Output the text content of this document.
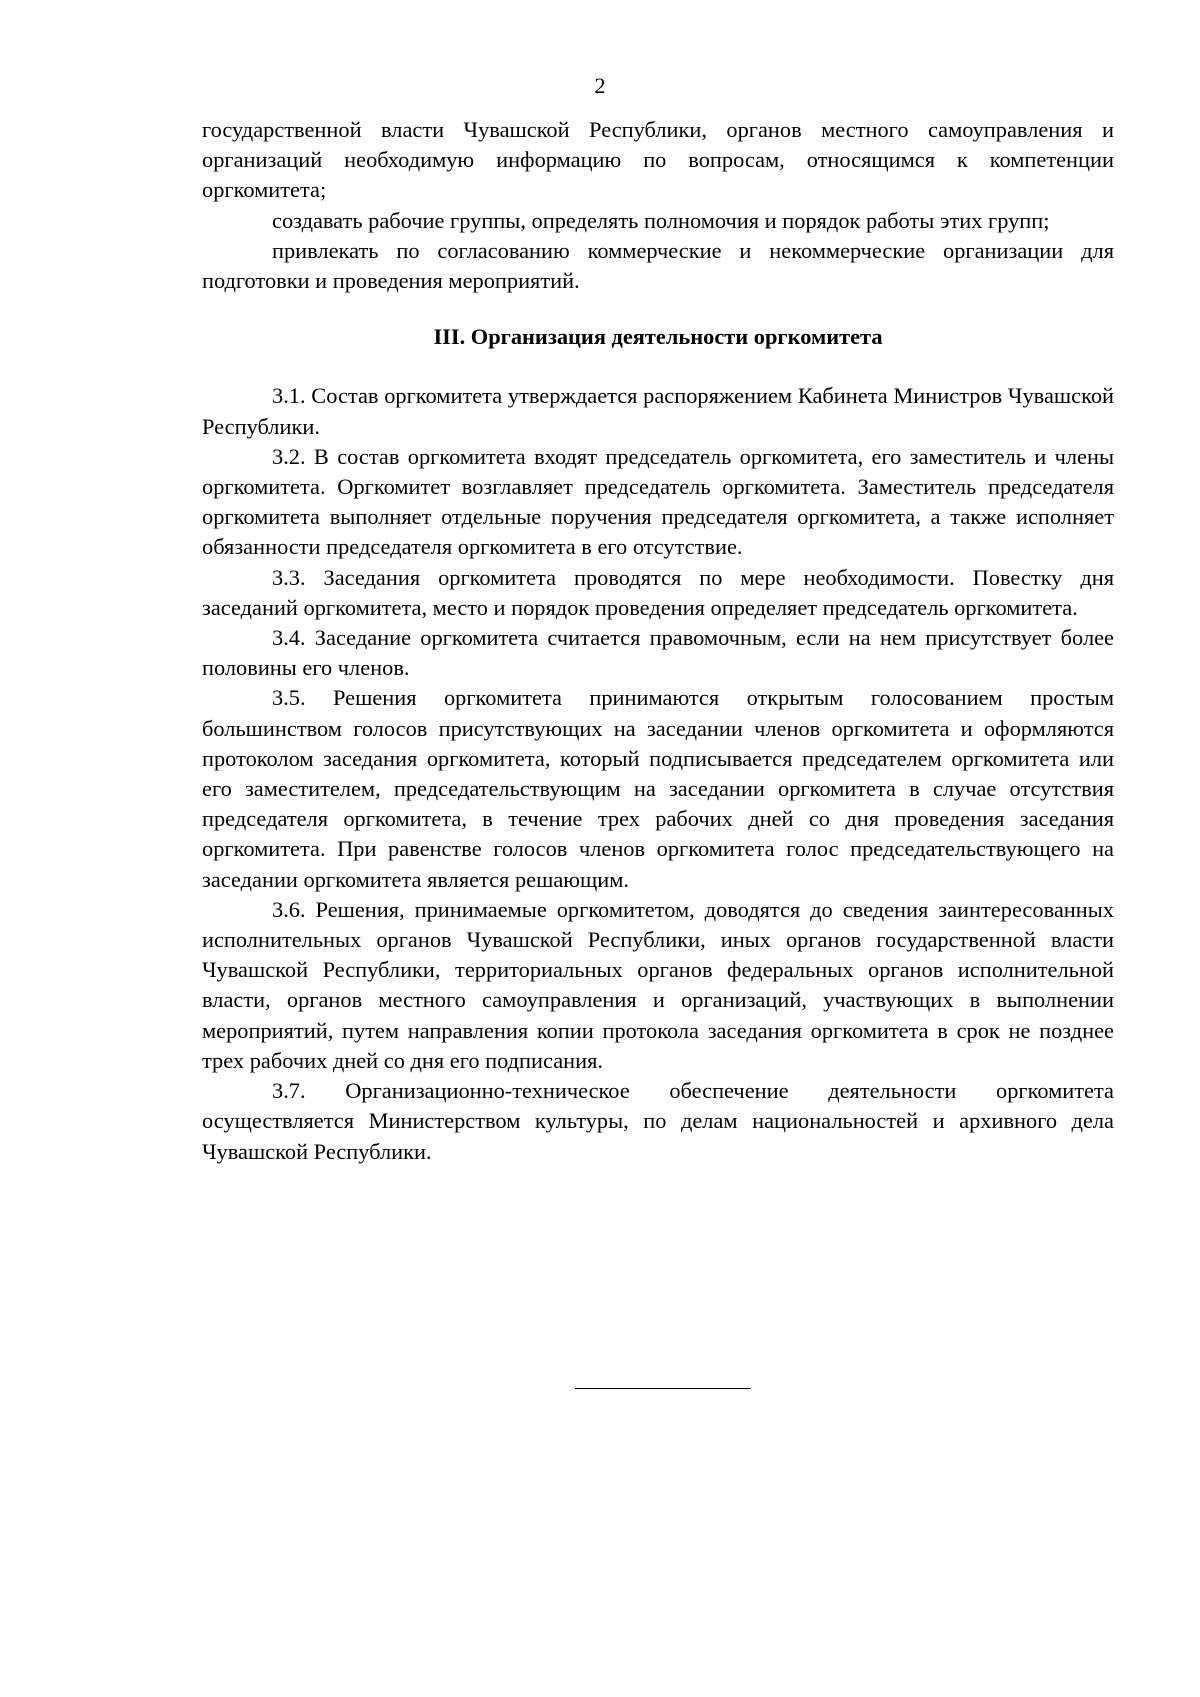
2

государственной власти Чувашской Республики, органов местного самоуправления и организаций необходимую информацию по вопросам, относящимся к компетенции оргкомитета;

создавать рабочие группы, определять полномочия и порядок работы этих групп;

привлекать по согласованию коммерческие и некоммерческие организации для подготовки и проведения мероприятий.

III. Организация деятельности оргкомитета

3.1. Состав оргкомитета утверждается распоряжением Кабинета Министров Чувашской Республики.

3.2. В состав оргкомитета входят председатель оргкомитета, его заместитель и члены оргкомитета. Оргкомитет возглавляет председатель оргкомитета. Заместитель председателя оргкомитета выполняет отдельные поручения председателя оргкомитета, а также исполняет обязанности председателя оргкомитета в его отсутствие.

3.3. Заседания оргкомитета проводятся по мере необходимости. Повестку дня заседаний оргкомитета, место и порядок проведения определяет председатель оргкомитета.

3.4. Заседание оргкомитета считается правомочным, если на нем присутствует более половины его членов.

3.5. Решения оргкомитета принимаются открытым голосованием простым большинством голосов присутствующих на заседании членов оргкомитета и оформляются протоколом заседания оргкомитета, который подписывается председателем оргкомитета или его заместителем, председательствующим на заседании оргкомитета в случае отсутствия председателя оргкомитета, в течение трех рабочих дней со дня проведения заседания оргкомитета. При равенстве голосов членов оргкомитета голос председательствующего на заседании оргкомитета является решающим.

3.6. Решения, принимаемые оргкомитетом, доводятся до сведения заинтересованных исполнительных органов Чувашской Республики, иных органов государственной власти Чувашской Республики, территориальных органов федеральных органов исполнительной власти, органов местного самоуправления и организаций, участвующих в выполнении мероприятий, путем направления копии протокола заседания оргкомитета в срок не позднее трех рабочих дней со дня его подписания.

3.7. Организационно-техническое обеспечение деятельности оргкомитета осуществляется Министерством культуры, по делам национальностей и архивного дела Чувашской Республики.
